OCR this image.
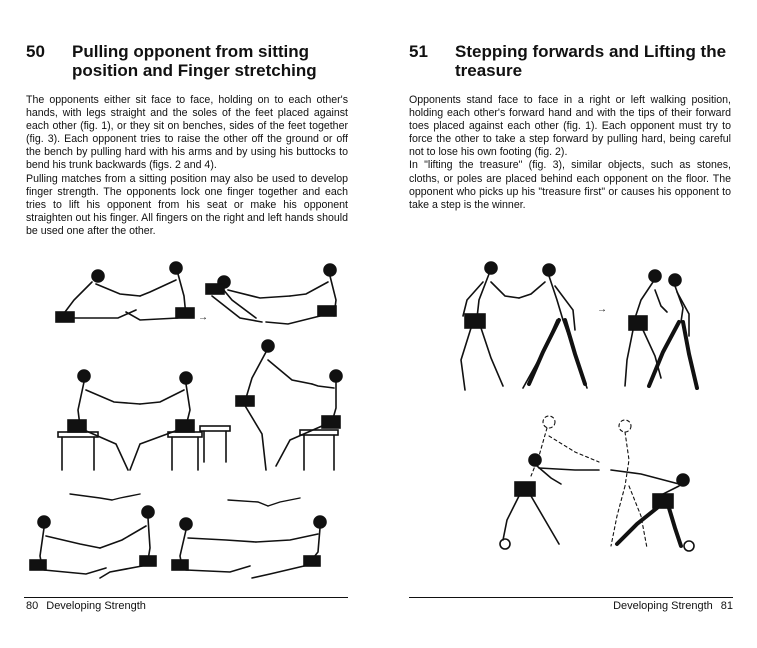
50	Pulling opponent from sitting
position and Finger stretching

The opponents either sit face to face, holding on to each other's hands, with legs straight and the soles of the feet placed against each other (fig. 1), or they sit on benches, sides of the feet together (fig. 3). Each opponent tries to raise the other off the ground or off the bench by pulling hard with his arms and by using his buttocks to bend his trunk backwards (figs. 2 and 4).

Pulling matches from a sitting position may also be used to develop finger strength. The opponents lock one finger together and each tries to lift his opponent from his seat or make his opponent straighten out his finger. All fingers on the right and left hands should be used one after the other.

→
80 Developing Strength
51	Stepping forwards and Lifting the
treasure

Opponents stand face to face in a right or left walking position, holding each other's forward hand and with the tips of their forward toes placed against each other (fig. 1). Each opponent must try to force the other to take a step forward by pulling hard, being careful not to lose his own footing (fig. 2).

In "lifting the treasure" (fig. 3), similar objects, such as stones, cloths, or poles are placed behind each opponent on the floor. The opponent who picks up his "treasure first" or causes his opponent to take a step is the winner.

→
Developing Strength 81
